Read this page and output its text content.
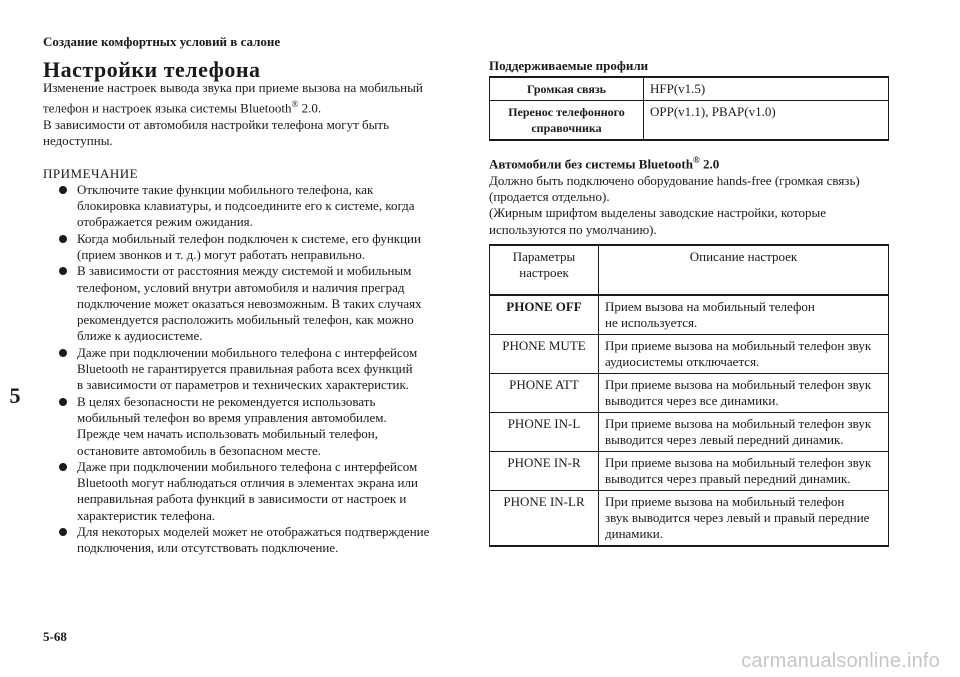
Создание комфортных условий в салоне
Настройки телефона

Изменение настроек вывода звука при приеме вызова на мобильный

телефон и настроек языка системы Bluetooth® 2.0.

В зависимости от автомобиля настройки телефона могут быть

недоступны.

ПРИМЕЧАНИЕ

Отключите такие функции мобильного телефона, как
блокировка клавиатуры, и подсоедините его к системе, когда
отображается режим ожидания.
Когда мобильный телефон подключен к системе, его функции
(прием звонков и т. д.) могут работать неправильно.
В зависимости от расстояния между системой и мобильным
телефоном, условий внутри автомобиля и наличия преград
подключение может оказаться невозможным. В таких случаях
рекомендуется расположить мобильный телефон, как можно
ближе к аудиосистеме.
Даже при подключении мобильного телефона с интерфейсом
Bluetooth не гарантируется правильная работа всех функций
в зависимости от параметров и технических характеристик.
В целях безопасности не рекомендуется использовать
мобильный телефон во время управления автомобилем.
Прежде чем начать использовать мобильный телефон,
остановите автомобиль в безопасном месте.
Даже при подключении мобильного телефона с интерфейсом
Bluetooth могут наблюдаться отличия в элементах экрана или
неправильная работа функций в зависимости от настроек и
характеристик телефона.
Для некоторых моделей может не отображаться подтверждение
подключения, или отсутствовать подключение.
5
Поддерживаемые профили
Громкая связь	HFP(v1.5)
Перенос телефонного
справочника	OPP(v1.1), PBAP(v1.0)
Автомобили без системы Bluetooth® 2.0
Должно быть подключено оборудование hands-free (громкая связь)
(продается отдельно).
(Жирным шрифтом выделены заводские настройки, которые
используются по умолчанию).
Параметры
настроек	Описание настроек
PHONE OFF	Прием вызова на мобильный телефон
не используется.
PHONE MUTE	При приеме вызова на мобильный телефон звук
аудиосистемы отключается.
PHONE ATT	При приеме вызова на мобильный телефон звук
выводится через все динамики.
PHONE IN-L	При приеме вызова на мобильный телефон звук
выводится через левый передний динамик.
PHONE IN-R	При приеме вызова на мобильный телефон звук
выводится через правый передний динамик.
PHONE IN-LR	При приеме вызова на мобильный телефон
звук выводится через левый и правый передние
динамики.
5-68
carmanualsonline.info
